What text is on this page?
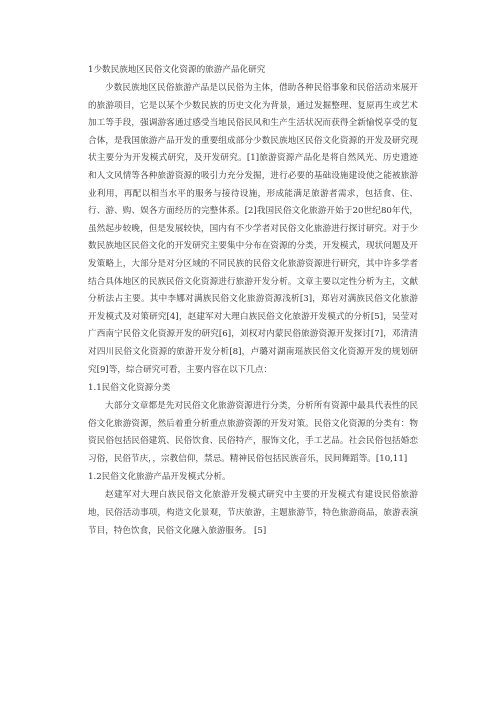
1少数民族地区民俗文化资源的旅游产品化研究

少数民族地区民俗旅游产品是以民俗为主体，借助各种民俗事象和民俗活动来展开的旅游项目，它是以某个少数民族的历史文化为背景，通过发掘整理、复原再生或艺术加工等手段，强调游客通过感受当地民俗民风和生产生活状况而获得全新愉悦享受的复合体，是我国旅游产品开发的重要组成部分少数民族地区民俗文化资源的开发及研究现状主要分为开发模式研究，及开发研究。[1]旅游资源产品化是将自然风光、历史遗迹和人文风情等各种旅游资源的吸引力充分发掘，进行必要的基础设施建设使之能被旅游业利用，再配以相当水平的服务与接待设施，形成能满足旅游者需求，包括食、住、行、游、购、娱各方面经历的完整体系。[2]我国民俗文化旅游开始于20世纪80年代，虽然起步较晚，但是发展较快，国内有不少学者对民俗文化旅游进行探讨研究。对于少数民族地区民俗文化的开发研究主要集中分布在资源的分类，开发模式，现状问题及开发策略上，大部分是对分区域的不同民族的民俗文化旅游资源进行研究，其中许多学者结合具体地区的民族民俗文化资源进行旅游开发分析。文章主要以定性分析为主，文献分析法占主要。其中李娜对满族民俗文化旅游资源浅析[3]，郑岩对满族民俗文化旅游开发模式及对策研究[4]，赵建军对大理白族民俗文化旅游开发模式的分析[5]，吴莹对广西南宁民俗文化资源开发的研究[6]，刘权对内蒙民俗旅游资源开发探讨[7]，邓清清对四川民俗文化资源的旅游开发分析[8]，卢璐对湖南瑶族民俗文化资源开发的规划研究[9]等，综合研究可看，主要内容在以下几点：

1.1民俗文化资源分类

大部分文章都是先对民俗文化旅游资源进行分类，分析所有资源中最具代表性的民俗文化旅游资源，然后着重分析重点旅游资源的开发对策。民俗文化资源的分类有：物资民俗包括民俗建筑、民俗饮食、民俗特产，服饰文化，手工艺品。社会民俗包括婚恋习俗，民俗节庆，，宗教信仰，禁忌。精神民俗包括民族音乐，民间舞蹈等。[10,11]

1.2民俗文化旅游产品开发模式分析。

赵建军对大理白族民俗文化旅游开发模式研究中主要的开发模式有建设民俗旅游地，民俗活动事项，构造文化景观，节庆旅游，主题旅游节，特色旅游商品，旅游表演节目，特色饮食，民俗文化融入旅游服务。 [5]
